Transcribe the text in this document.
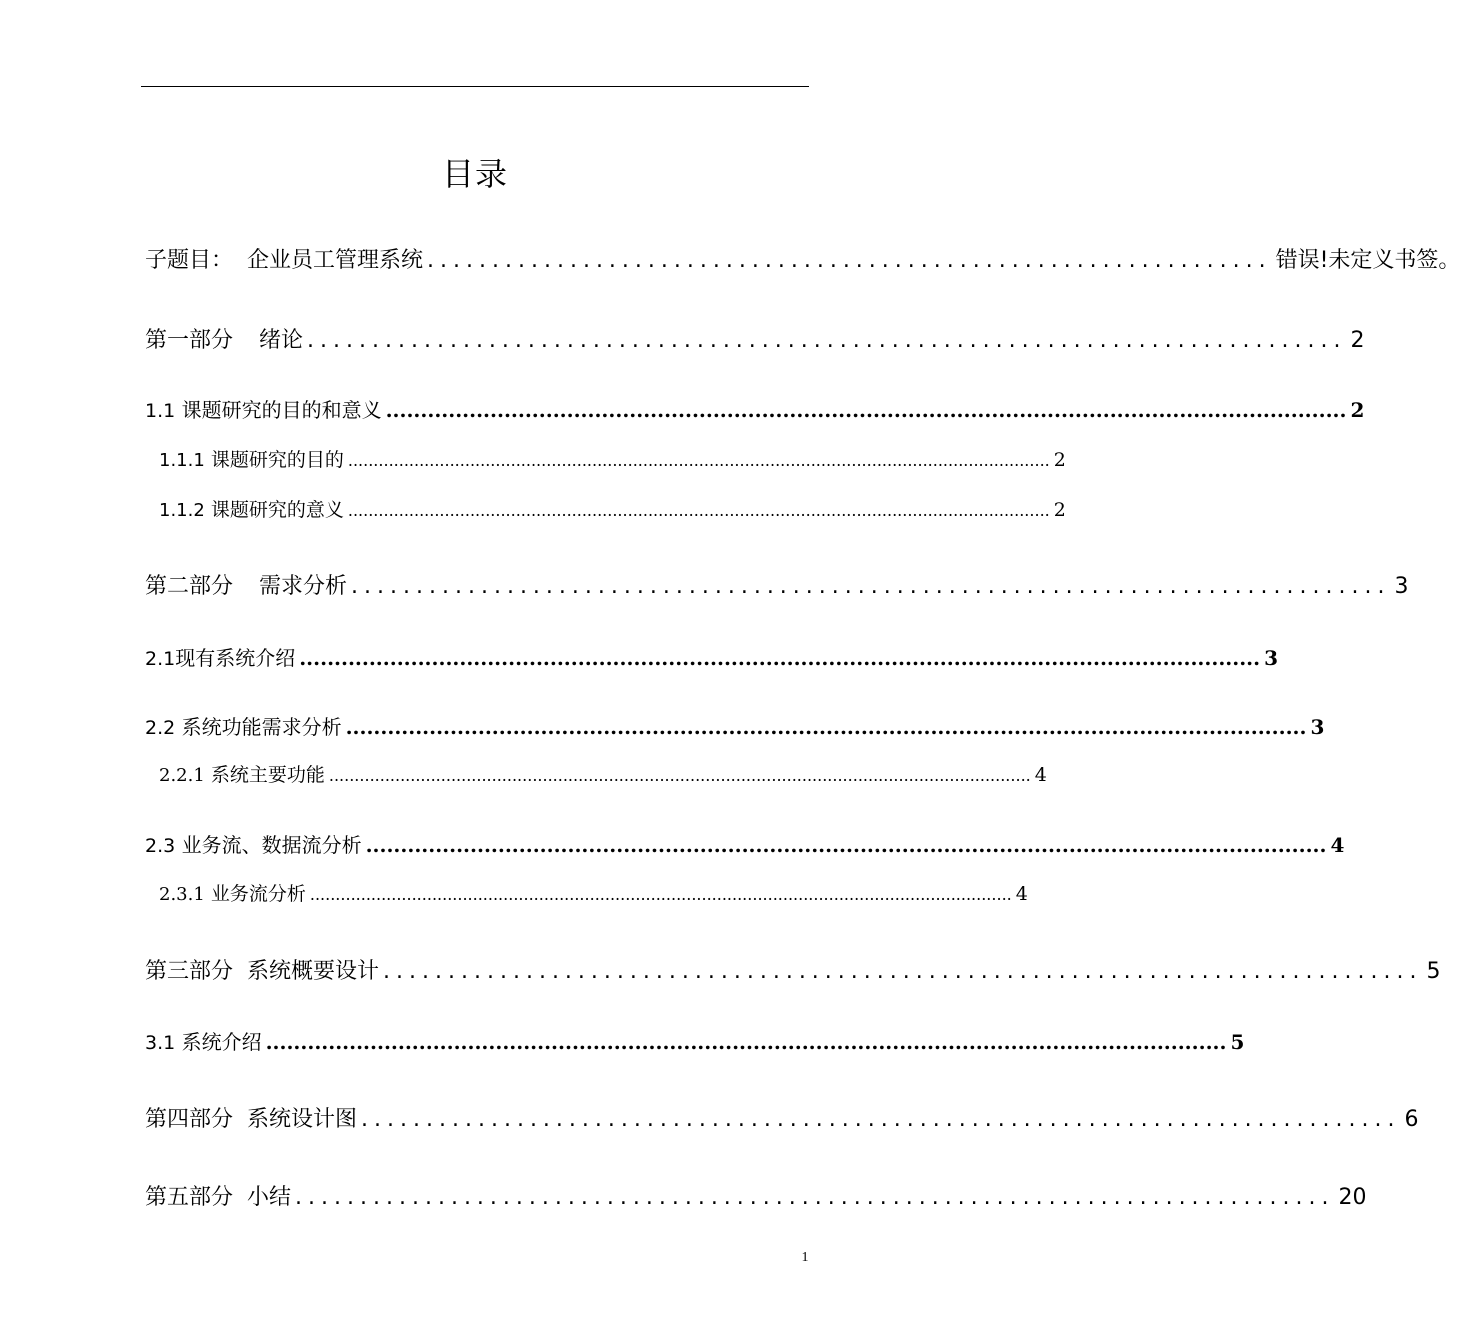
目录
子题目： 企业员工管理系统 ................................................................. 错误!未定义书签。
第一部分 绪论 ................................................................................ 2
1.1 课题研究的目的和意义 .......................................................................................................................................... 2
1.1.1 课题研究的目的 .......................................................................................................................................... 2
1.1.2 课题研究的意义 .......................................................................................................................................... 2
第二部分 需求分析 ................................................................................ 3
2.1现有系统介绍 .......................................................................................................................................... 3
2.2 系统功能需求分析 .......................................................................................................................................... 3
2.2.1 系统主要功能 .......................................................................................................................................... 4
2.3 业务流、数据流分析 .......................................................................................................................................... 4
2.3.1 业务流分析 .......................................................................................................................................... 4
第三部分 系统概要设计 ................................................................................ 5
3.1 系统介绍 .......................................................................................................................................... 5
第四部分 系统设计图 ................................................................................ 6
第五部分 小结 ................................................................................ 20
1
